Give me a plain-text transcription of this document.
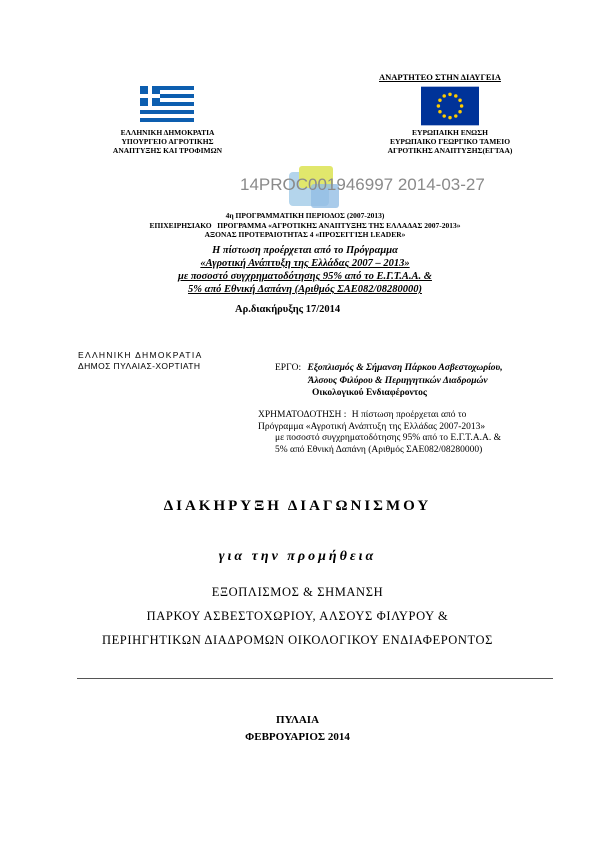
ΑΝΑΡΤΗΤΕΟ ΣΤΗΝ ΔΙΑΥΓΕΙΑ
ΕΛΛΗΝΙΚΗ ΔΗΜΟΚΡΑΤΙΑ
ΥΠΟΥΡΓΕΙΟ ΑΓΡΟΤΙΚΗΣ
ΑΝΑΠΤΥΞΗΣ ΚΑΙ ΤΡΟΦΙΜΩΝ
ΕΥΡΩΠΑΙΚΗ ΕΝΩΣΗ
ΕΥΡΩΠΑΙΚΟ ΓΕΩΡΓΙΚΟ ΤΑΜΕΙΟ
ΑΓΡΟΤΙΚΗΣ ΑΝΑΠΤΥΞΗΣ(ΕΓΤΑΑ)
14PROC001946997 2014-03-27
4η ΠΡΟΓΡΑΜΜΑΤΙΚΗ ΠΕΡΙΟΔΟΣ (2007-2013)
ΕΠΙΧΕΙΡΗΣΙΑΚΟ   ΠΡΟΓΡΑΜΜΑ «ΑΓΡΟΤΙΚΗΣ ΑΝΑΠΤΥΞΗΣ ΤΗΣ ΕΛΛΑΔΑΣ 2007-2013»
ΑΞΟΝΑΣ ΠΡΟΤΕΡΑΙΟΤΗΤΑΣ 4 «ΠΡΟΣΕΓΓΙΣΗ LEADER»
Η πίστωση προέρχεται από το Πρόγραμμα
«Αγροτική Ανάπτυξη της Ελλάδας 2007 – 2013»
με ποσοστό συγχρηματοδότησης 95% από το Ε.Γ.Τ.Α.Α. &
5% από Εθνική Δαπάνη (Αριθμός ΣΑΕ082/08280000)
Αρ.διακήρυξης 17/2014
ΕΛΛΗΝΙΚΗ ΔΗΜΟΚΡΑΤΙΑ
ΔΗΜΟΣ ΠΥΛΑΙΑΣ-ΧΟΡΤΙΑΤΗ	ΕΡΓΟ: Εξοπλισμός & Σήμανση Πάρκου Ασβεστοχωρίου,
Άλσους Φιλύρου & Περιηγητικών Διαδρομών
Οικολογικού Ενδιαφέροντος
ΧΡΗΜΑΤΟΔΟΤΗΣΗ : Η πίστωση προέρχεται από το
Πρόγραμμα «Αγροτική Ανάπτυξη της Ελλάδας 2007-2013»
με ποσοστό συγχρηματοδότησης 95% από το Ε.Γ.Τ.Α.Α. &
5% από Εθνική Δαπάνη (Αριθμός ΣΑΕ082/08280000)
ΔΙΑΚΗΡΥΞΗ ΔΙΑΓΩΝΙΣΜΟΥ
για την προμήθεια
ΕΞΟΠΛΙΣΜΟΣ & ΣΗΜΑΝΣΗ
ΠΑΡΚΟΥ ΑΣΒΕΣΤΟΧΩΡΙΟΥ, ΑΛΣΟΥΣ ΦΙΛΥΡΟΥ &
ΠΕΡΙΗΓΗΤΙΚΩΝ ΔΙΑΔΡΟΜΩΝ ΟΙΚΟΛΟΓΙΚΟΥ ΕΝΔΙΑΦΕΡΟΝΤΟΣ
ΠΥΛΑΙΑ
ΦΕΒΡΟΥΑΡΙΟΣ 2014
